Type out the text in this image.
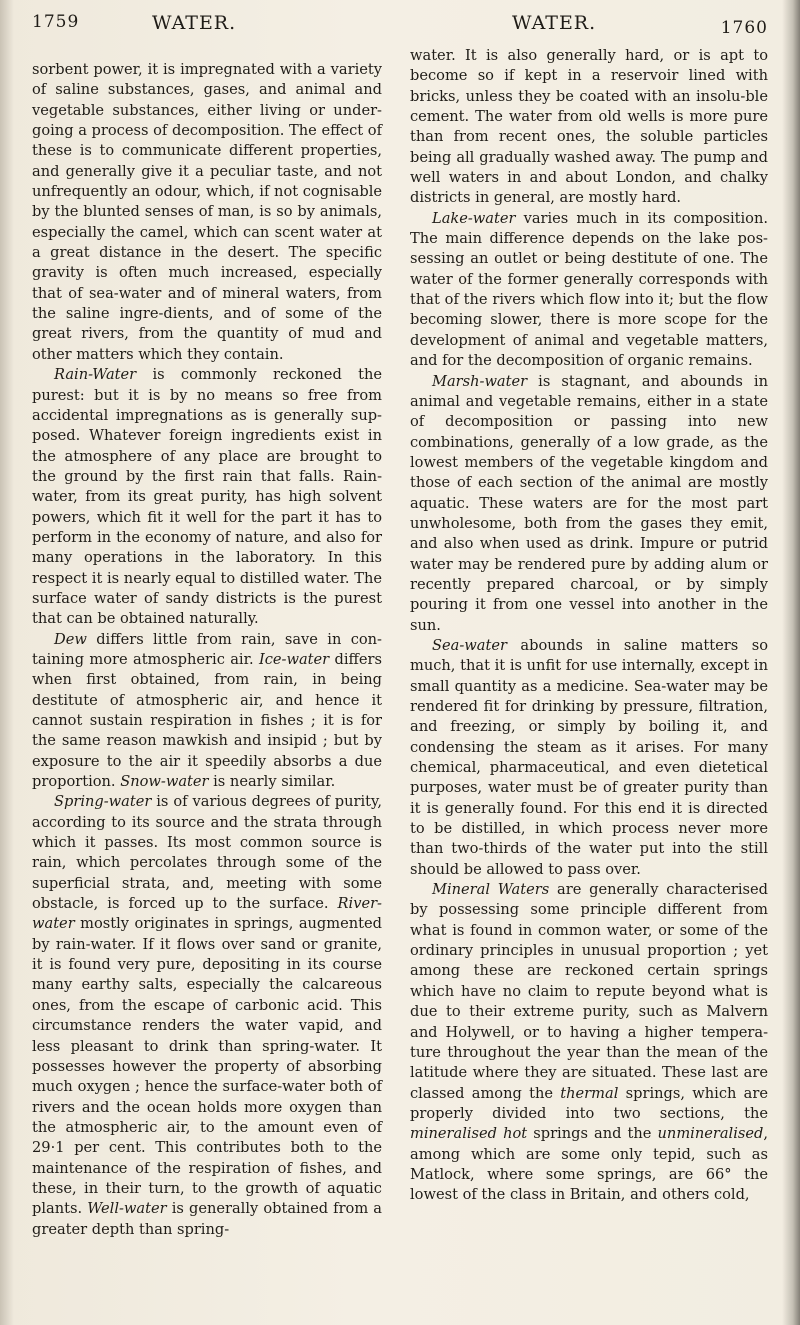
1759	WATER.	WATER.	1760

sorbent power, it is impregnated with a variety of saline substances, gases, and animal and vegetable substances, either living or under-going a process of decomposition. The effect of these is to communicate different properties, and generally give it a peculiar taste, and not unfrequently an odour, which, if not cognisable by the blunted senses of man, is so by animals, especially the camel, which can scent water at a great distance in the desert. The specific gravity is often much increased, especially that of sea-water and of mineral waters, from the saline ingre-dients, and of some of the great rivers, from the quantity of mud and other matters which they contain.

Rain-Water is commonly reckoned the purest: but it is by no means so free from accidental impregnations as is generally sup-posed. Whatever foreign ingredients exist in the atmosphere of any place are brought to the ground by the first rain that falls. Rain-water, from its great purity, has high solvent powers, which fit it well for the part it has to perform in the economy of nature, and also for many operations in the laboratory. In this respect it is nearly equal to distilled water. The surface water of sandy districts is the purest that can be obtained naturally.

Dew differs little from rain, save in con-taining more atmospheric air. Ice-water differs when first obtained, from rain, in being destitute of atmospheric air, and hence it cannot sustain respiration in fishes ; it is for the same reason mawkish and insipid ; but by exposure to the air it speedily absorbs a due proportion. Snow-water is nearly similar.

Spring-water is of various degrees of purity, according to its source and the strata through which it passes. Its most common source is rain, which percolates through some of the superficial strata, and, meeting with some obstacle, is forced up to the surface. River-water mostly originates in springs, augmented by rain-water. If it flows over sand or granite, it is found very pure, depositing in its course many earthy salts, especially the calcareous ones, from the escape of carbonic acid. This circumstance renders the water vapid, and less pleasant to drink than spring-water. It possesses however the property of absorbing much oxygen ; hence the surface-water both of rivers and the ocean holds more oxygen than the atmospheric air, to the amount even of 29·1 per cent. This contributes both to the maintenance of the respiration of fishes, and these, in their turn, to the growth of aquatic plants. Well-water is generally obtained from a greater depth than spring-

water. It is also generally hard, or is apt to become so if kept in a reservoir lined with bricks, unless they be coated with an insolu-ble cement. The water from old wells is more pure than from recent ones, the soluble particles being all gradually washed away. The pump and well waters in and about London, and chalky districts in general, are mostly hard.

Lake-water varies much in its composition. The main difference depends on the lake pos-sessing an outlet or being destitute of one. The water of the former generally corresponds with that of the rivers which flow into it; but the flow becoming slower, there is more scope for the development of animal and vegetable matters, and for the decomposition of organic remains.

Marsh-water is stagnant, and abounds in animal and vegetable remains, either in a state of decomposition or passing into new combinations, generally of a low grade, as the lowest members of the vegetable kingdom and those of each section of the animal are mostly aquatic. These waters are for the most part unwholesome, both from the gases they emit, and also when used as drink. Impure or putrid water may be rendered pure by adding alum or recently prepared charcoal, or by simply pouring it from one vessel into another in the sun.

Sea-water abounds in saline matters so much, that it is unfit for use internally, except in small quantity as a medicine. Sea-water may be rendered fit for drinking by pressure, filtration, and freezing, or simply by boiling it, and condensing the steam as it arises. For many chemical, pharmaceutical, and even dietetical purposes, water must be of greater purity than it is generally found. For this end it is directed to be distilled, in which process never more than two-thirds of the water put into the still should be allowed to pass over.

Mineral Waters are generally characterised by possessing some principle different from what is found in common water, or some of the ordinary principles in unusual proportion ; yet among these are reckoned certain springs which have no claim to repute beyond what is due to their extreme purity, such as Malvern and Holywell, or to having a higher tempera-ture throughout the year than the mean of the latitude where they are situated. These last are classed among the thermal springs, which are properly divided into two sections, the mineralised hot springs and the unmineralised, among which are some only tepid, such as Matlock, where some springs, are 66° the lowest of the class in Britain, and others cold,
